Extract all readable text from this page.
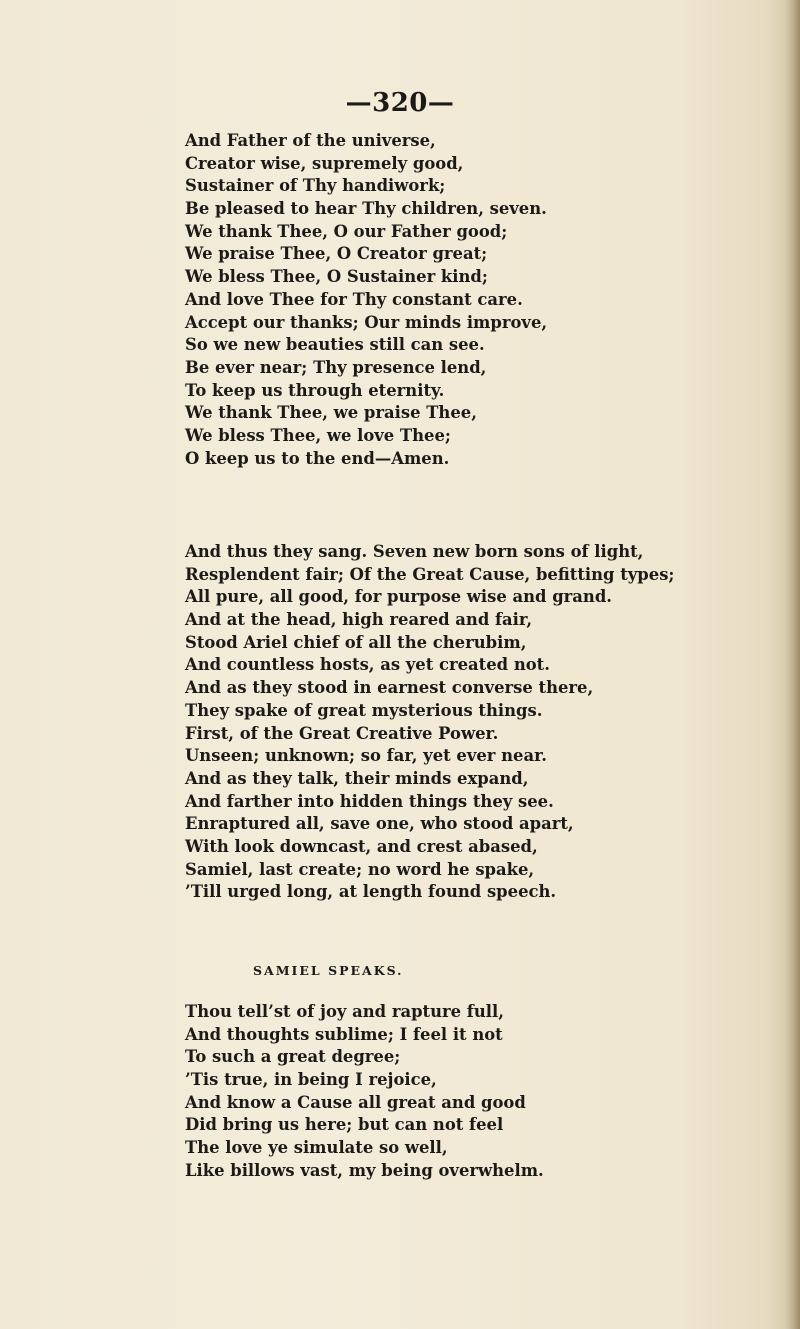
—320—
And Father of the universe,
Creator wise, supremely good,
Sustainer of Thy handiwork;
Be pleased to hear Thy children, seven.
We thank Thee, O our Father good;
We praise Thee, O Creator great;
We bless Thee, O Sustainer kind;
And love Thee for Thy constant care.
Accept our thanks; Our minds improve,
So we new beauties still can see.
Be ever near; Thy presence lend,
To keep us through eternity.
We thank Thee, we praise Thee,
We bless Thee, we love Thee;
O keep us to the end—Amen.
And thus they sang. Seven new born sons of light,
Resplendent fair; Of the Great Cause, befitting types;
All pure, all good, for purpose wise and grand.
And at the head, high reared and fair,
Stood Ariel chief of all the cherubim,
And countless hosts, as yet created not.
And as they stood in earnest converse there,
They spake of great mysterious things.
First, of the Great Creative Power.
Unseen; unknown; so far, yet ever near.
And as they talk, their minds expand,
And farther into hidden things they see.
Enraptured all, save one, who stood apart,
With look downcast, and crest abased,
Samiel, last create; no word he spake,
’Till urged long, at length found speech.
SAMIEL SPEAKS.
Thou tell’st of joy and rapture full,
And thoughts sublime; I feel it not
To such a great degree;
’Tis true, in being I rejoice,
And know a Cause all great and good
Did bring us here; but can not feel
The love ye simulate so well,
Like billows vast, my being overwhelm.
